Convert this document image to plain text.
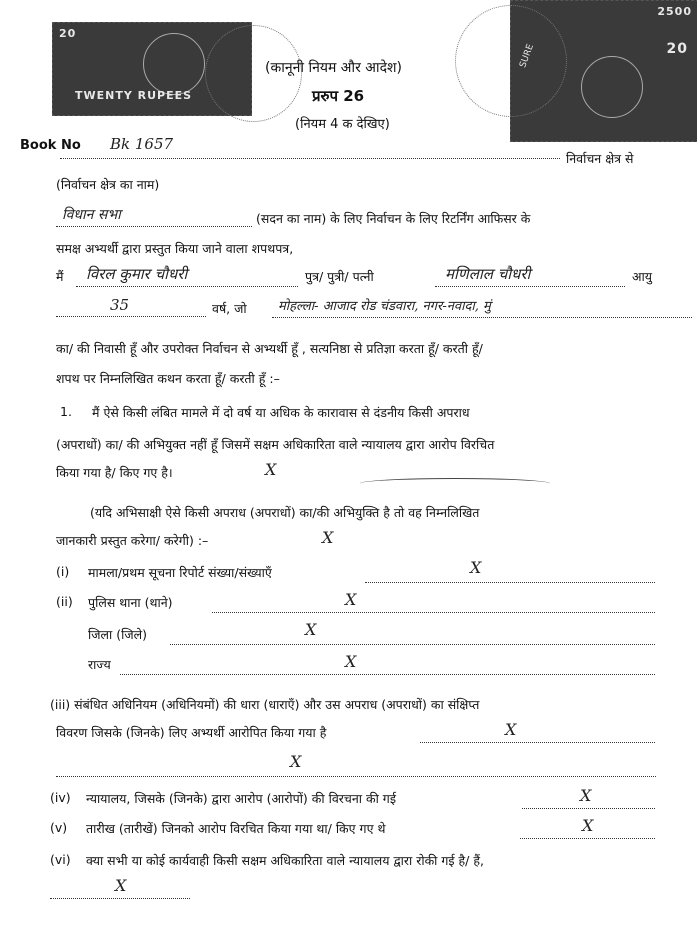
20
TWENTY RUPEES
2500
20
SURE
(कानूनी नियम और आदेश)
प्ररुप 26
(नियम 4 क देखिए)
Book No Bk 1657
निर्वाचन क्षेत्र से
(निर्वाचन क्षेत्र का नाम)
विधान सभा	(सदन का नाम) के लिए निर्वाचन के लिए रिटर्निंग आफिसर के
समक्ष अभ्यर्थी द्वारा प्रस्तुत किया जाने वाला शपथपत्र,
मैं विरल कुमार चौधरी	पुत्र/ पुत्री/ पत्नी	मणिलाल चौधरी	आयु
35	वर्ष, जो मोहल्ला- आजाद रोड चंडवारा, नगर-नवादा, मुं
का/ की निवासी हूँ और उपरोक्त निर्वाचन से अभ्यर्थी हूँ , सत्यनिष्ठा से प्रतिज्ञा करता हूँ/ करती हूँ/
शपथ पर निम्नलिखित कथन करता हूँ/ करती हूँ :–
1. मैं ऐसे किसी लंबित मामले में दो वर्ष या अधिक के कारावास से दंडनीय किसी अपराध
(अपराधों) का/ की अभियुक्त नहीं हूँ जिसमें सक्षम अधिकारिता वाले न्यायालय द्वारा आरोप विरचित
किया गया है/ किए गए है।	X
(यदि अभिसाक्षी ऐसे किसी अपराध (अपराधों) का/की अभियुक्ति है तो वह निम्नलिखित
जानकारी प्रस्तुत करेगा/ करेगी) :–	X
(i) मामला/प्रथम सूचना रिपोर्ट संख्या/संख्याएँ	X
(ii) पुलिस थाना (थाने)	X
जिला (जिले)	X
राज्य	X
(iii) संबंधित अधिनियम (अधिनियमों) की धारा (धाराएँ) और उस अपराध (अपराधों) का संक्षिप्त
विवरण जिसके (जिनके) लिए अभ्यर्थी आरोपित किया गया है	X
X
(iv) न्यायालय, जिसके (जिनके) द्वारा आरोप (आरोपों) की विरचना की गई	X
(v) तारीख (तारीखें) जिनको आरोप विरचित किया गया था/ किए गए थे	X
(vi) क्या सभी या कोई कार्यवाही किसी सक्षम अधिकारिता वाले न्यायालय द्वारा रोकी गई है/ हैं,
X
